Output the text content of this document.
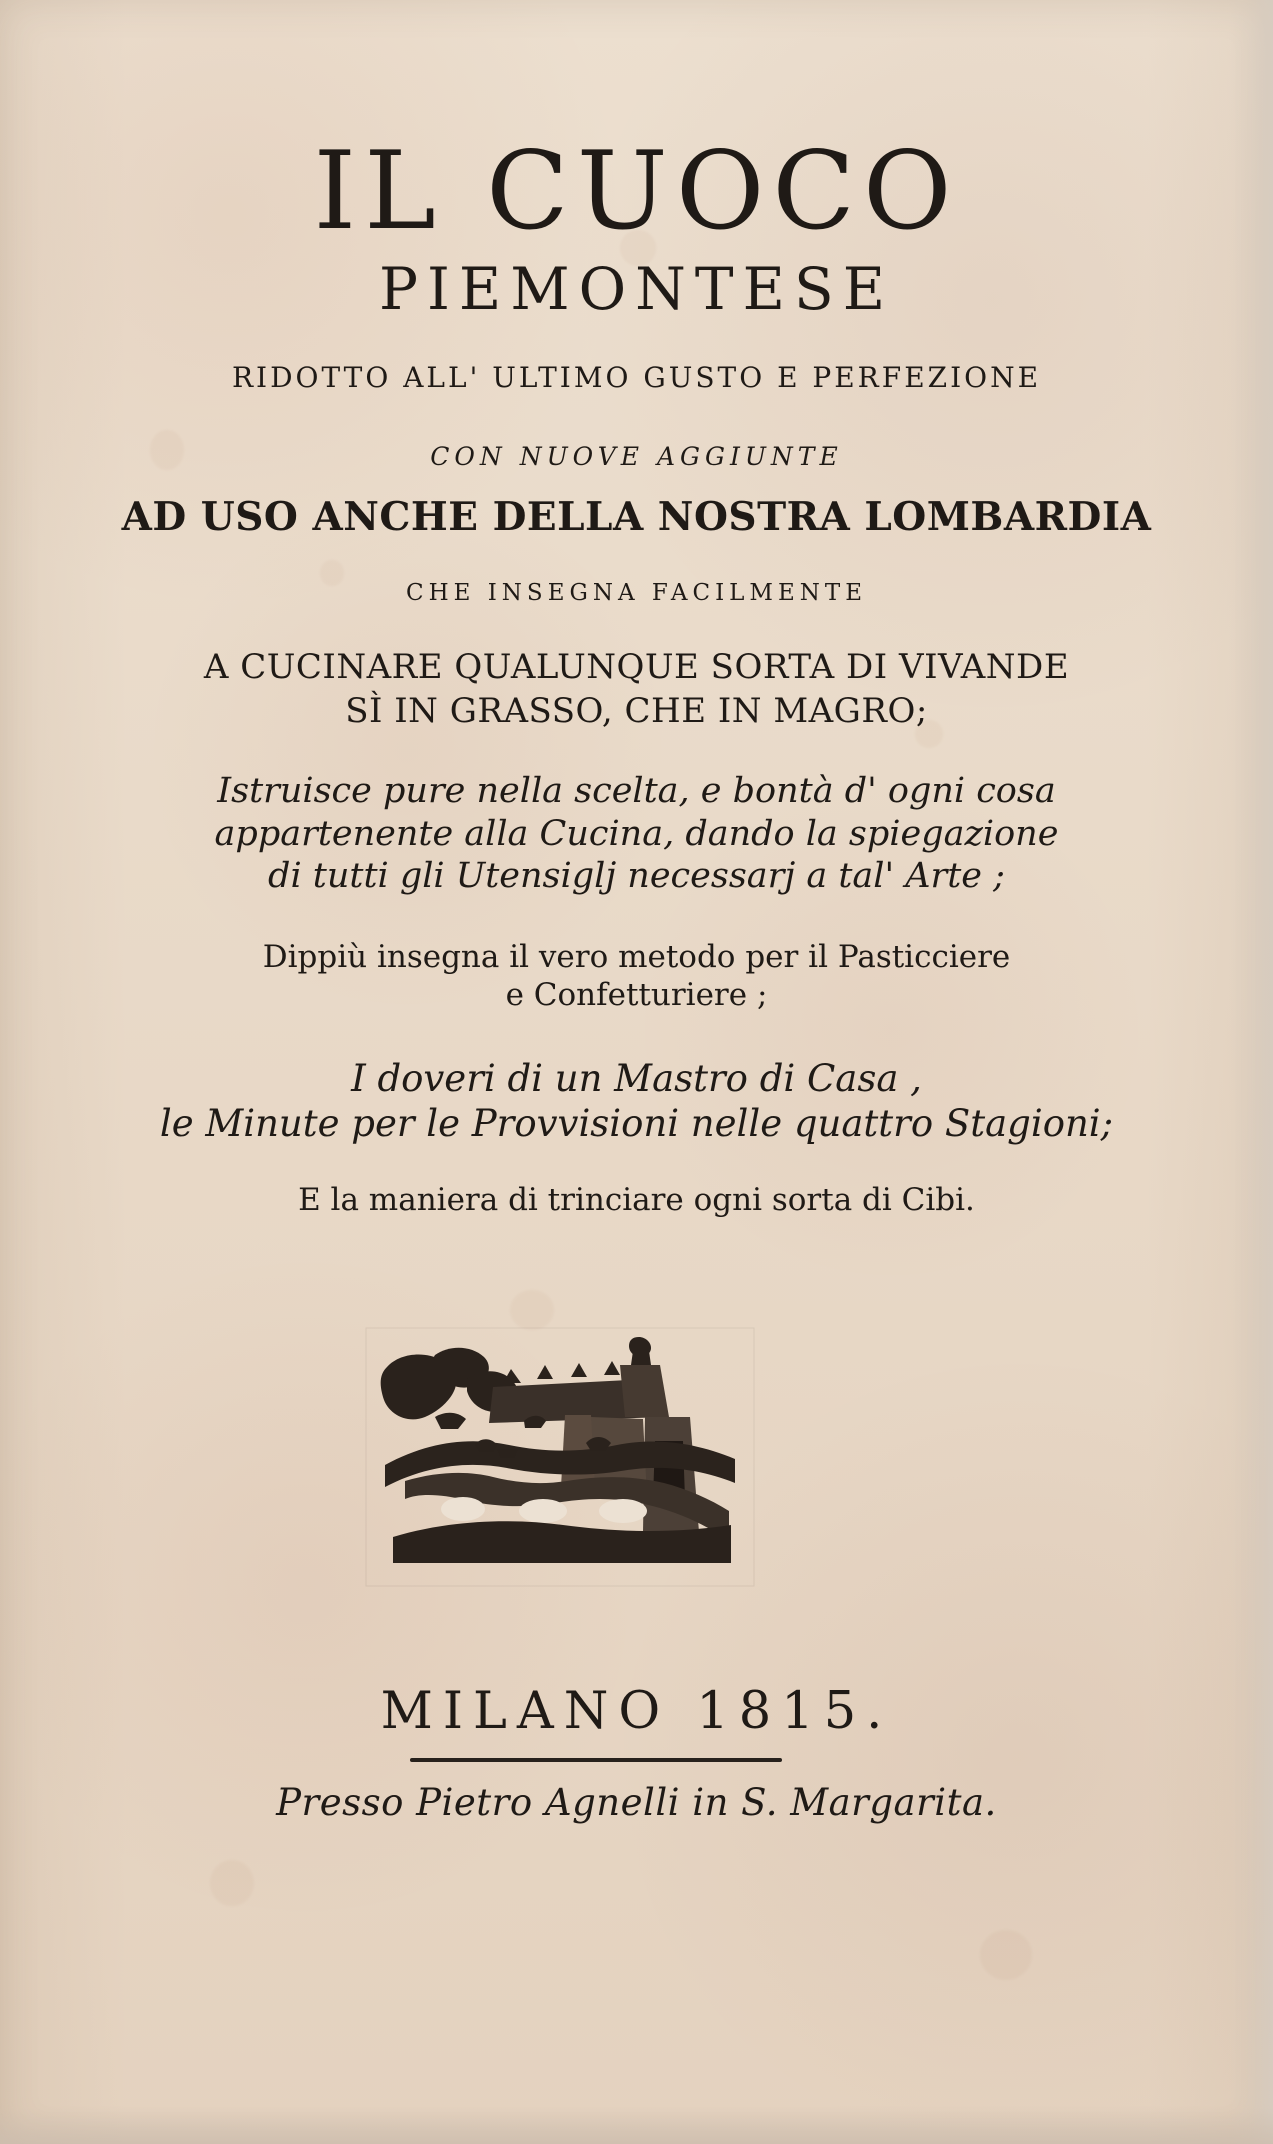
IL CUOCO
PIEMONTESE
RIDOTTO ALL' ULTIMO GUSTO E PERFEZIONE
CON NUOVE AGGIUNTE
AD USO ANCHE DELLA NOSTRA LOMBARDIA
CHE INSEGNA FACILMENTE
A CUCINARE QUALUNQUE SORTA DI VIVANDE
SÌ IN GRASSO, CHE IN MAGRO;
Istruisce pure nella scelta, e bontà d' ogni cosa
appartenente alla Cucina, dando la spiegazione
di tutti gli Utensiglj necessarj a tal' Arte ;
Dippiù insegna il vero metodo per il Pasticciere
e Confetturiere ;
I doveri di un Mastro di Casa ,
le Minute per le Provvisioni nelle quattro Stagioni;
E la maniera di trinciare ogni sorta di Cibi.
MILANO 1815.
Presso Pietro Agnelli in S. Margarita.
